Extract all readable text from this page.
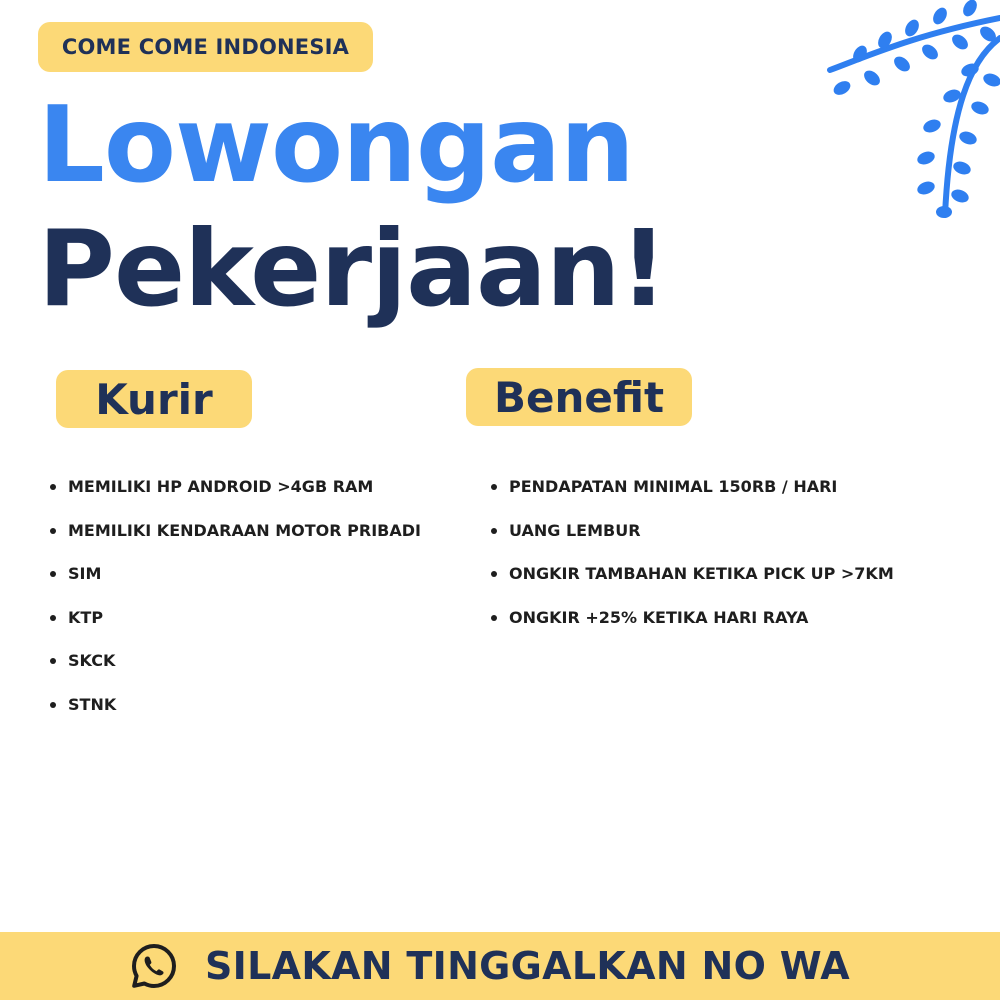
COME COME INDONESIA
Lowongan
Pekerjaan!
Kurir	Benefit
MEMILIKI HP ANDROID >4GB RAM
MEMILIKI KENDARAAN MOTOR PRIBADI
SIM
KTP
SKCK
STNK
PENDAPATAN MINIMAL 150RB / HARI
UANG LEMBUR
ONGKIR TAMBAHAN KETIKA PICK UP >7KM
ONGKIR +25% KETIKA HARI RAYA
SILAKAN TINGGALKAN NO WA
